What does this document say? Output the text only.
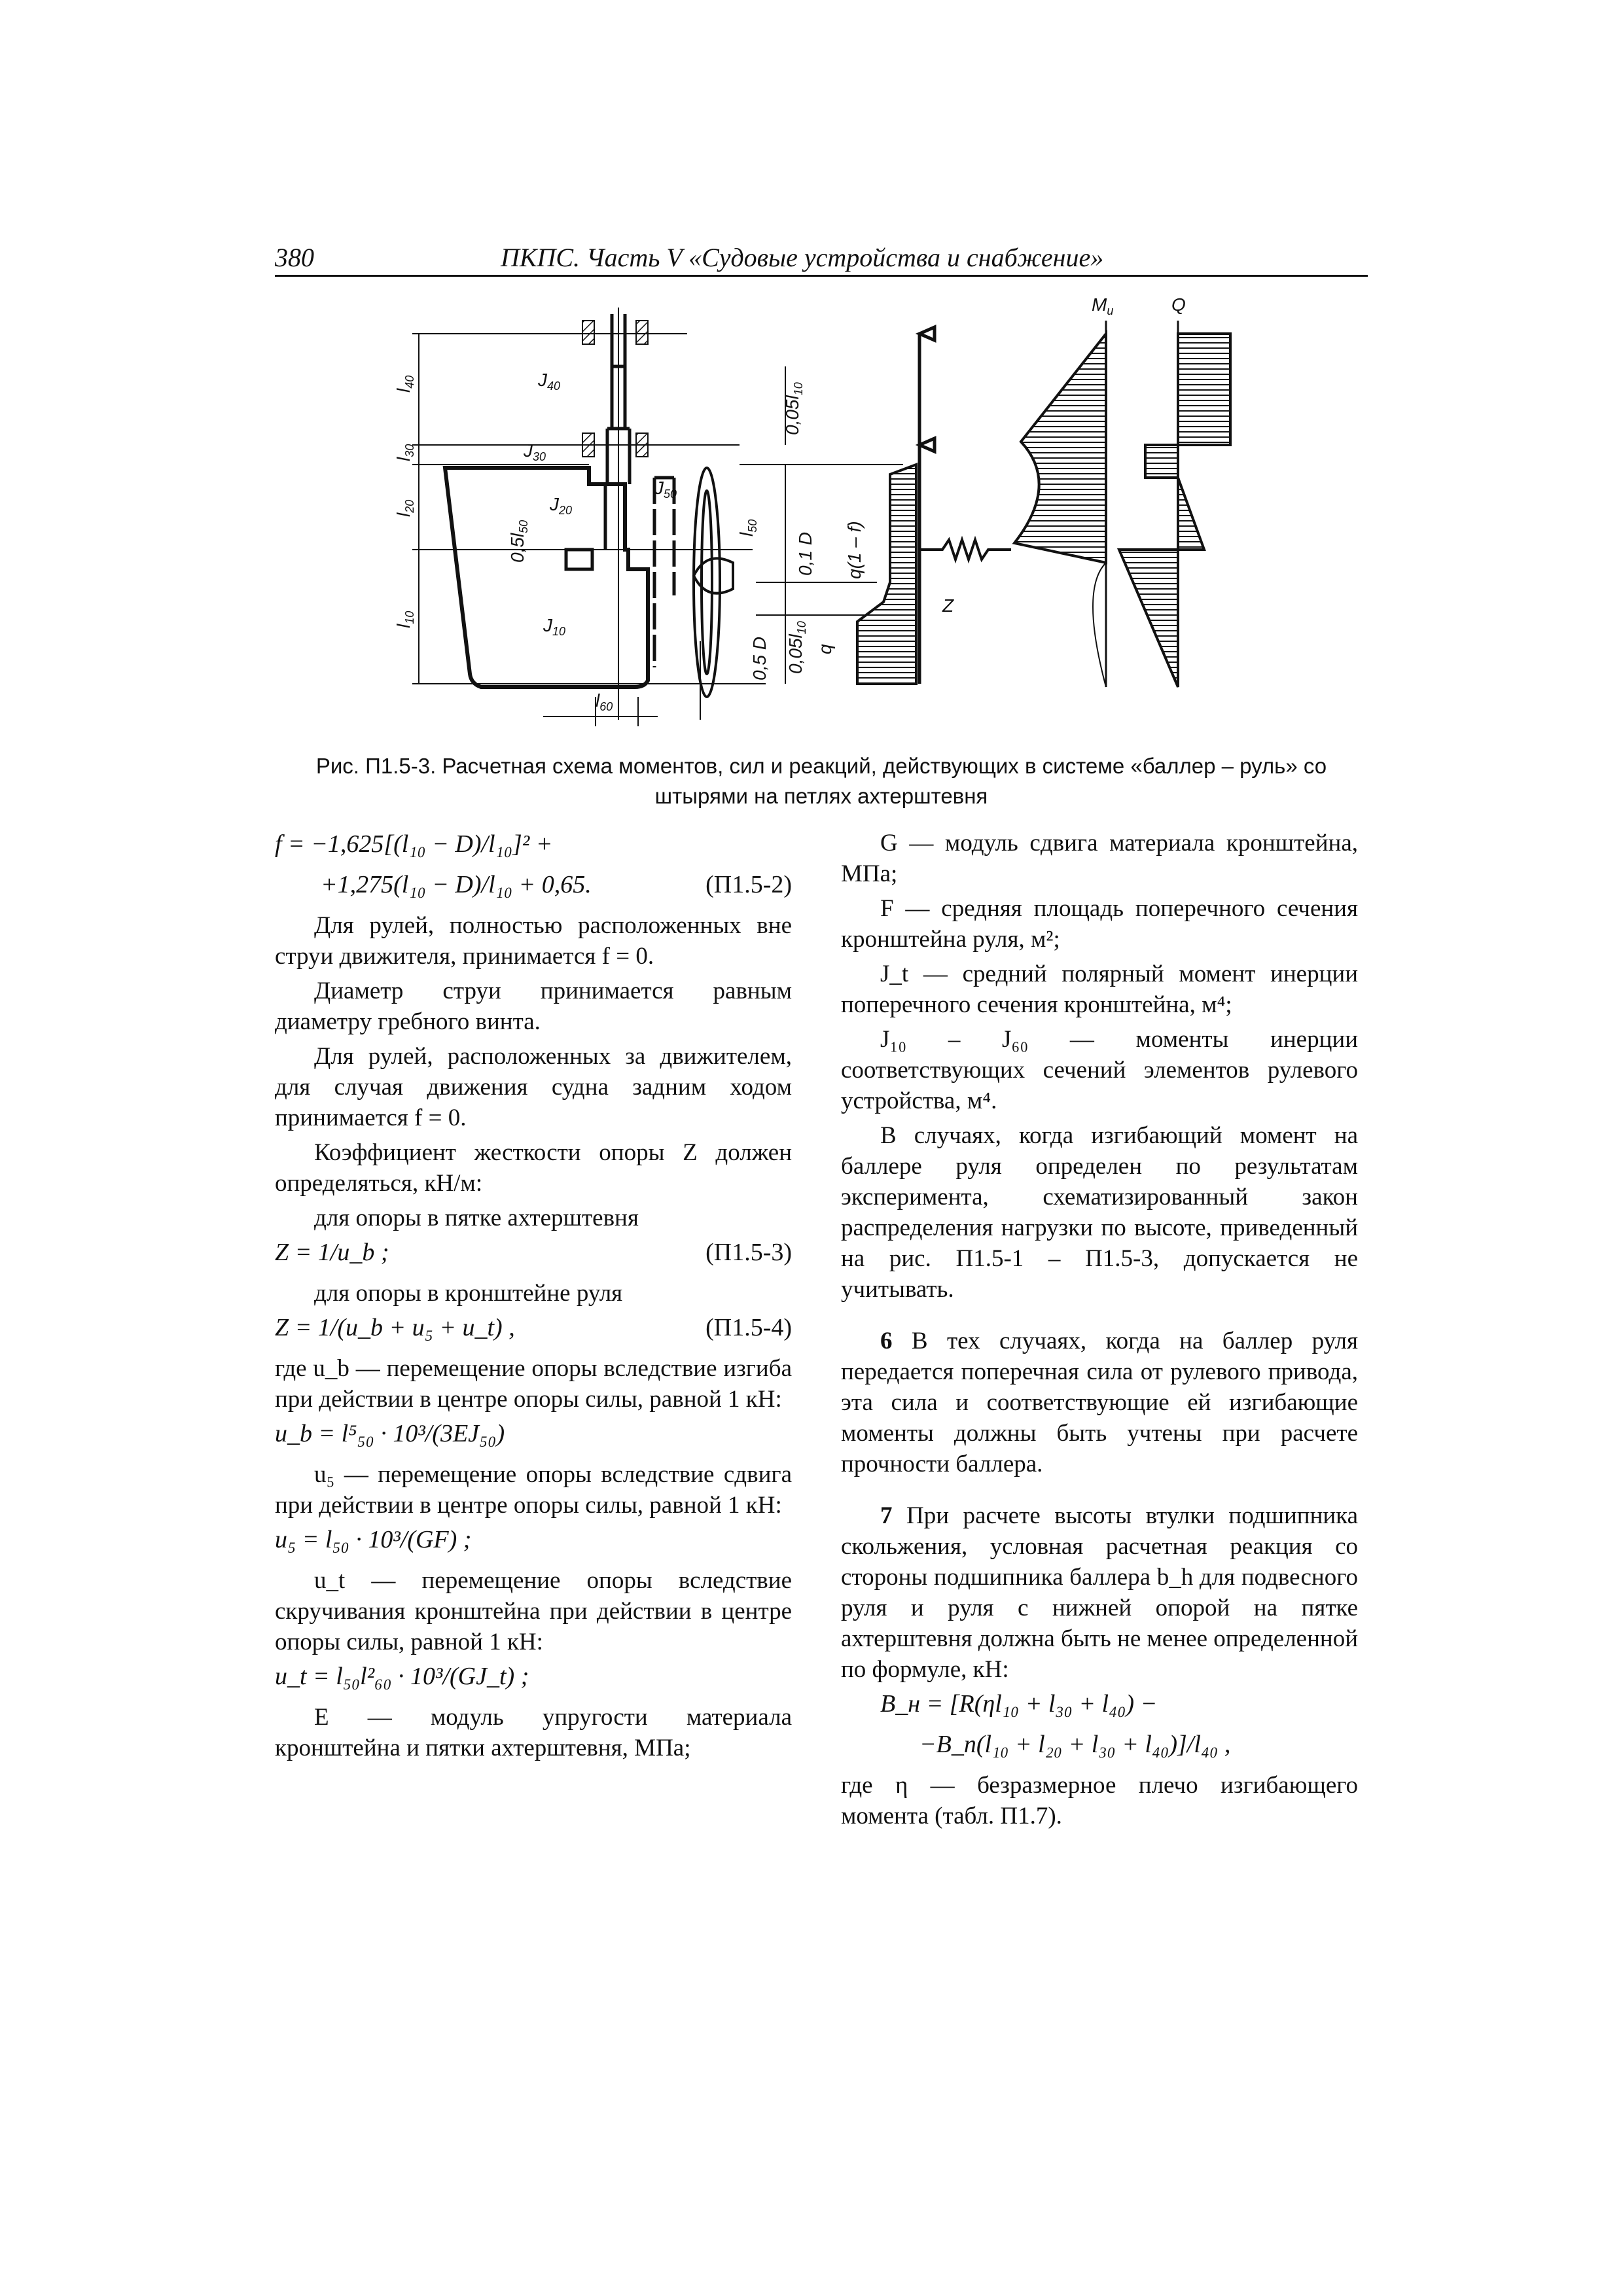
380	ПКПС. Часть V «Судовые устройства и снабжение»
$l_{40}$
$l_{30}$
$l_{20}$
$l_{10}$
$0,05l_{10}$
$l_{50}$
0,1 D q(1 – f)
0,5 D $0,05l_{10}$
q
$J_{40}$
$J_{30}$
$J_{20}$
$J_{10}$
$J_{50}$
$0,5l_{50}$
$l_{60}$
Z
$M_u$	Q
Рис. П1.5-3. Расчетная схема моментов, сил и реакций, действующих в системе «баллер – руль» со штырями на петлях ахтерштевня
f = −1,625[(l₁₀ − D)/l₁₀]² +
+1,275(l₁₀ − D)/l₁₀ + 0,65.	(П1.5-2)

Для рулей, полностью расположенных вне струи движителя, принимается f = 0.

Диаметр струи принимается равным диаметру гребного винта.

Для рулей, расположенных за движителем, для случая движения судна задним ходом принимается f = 0.

Коэффициент жесткости опоры Z должен определяться, кН/м:

для опоры в пятке ахтерштевня

Z = 1/u_b ;	(П1.5-3)

для опоры в кронштейне руля

Z = 1/(u_b + u₅ + u_t) ,	(П1.5-4)

где u_b — перемещение опоры вследствие изгиба при действии в центре опоры силы, равной 1 кН:

u_b = l⁵₅₀ · 10³/(3EJ₅₀)

u₅ — перемещение опоры вследствие сдвига при действии в центре опоры силы, равной 1 кН:

u₅ = l₅₀ · 10³/(GF) ;

u_t — перемещение опоры вследствие скручивания кронштейна при действии в центре опоры силы, равной 1 кН:

u_t = l₅₀l²₆₀ · 10³/(GJ_t) ;

E — модуль упругости материала кронштейна и пятки ахтерштевня, МПа;

G — модуль сдвига материала кронштейна, МПа;

F — средняя площадь поперечного сечения кронштейна руля, м²;

J_t — средний полярный момент инерции поперечного сечения кронштейна, м⁴;

J₁₀ – J₆₀ — моменты инерции соответствующих сечений элементов рулевого устройства, м⁴.

В случаях, когда изгибающий момент на баллере руля определен по результатам эксперимента, схематизированный закон распределения нагрузки по высоте, приведенный на рис. П1.5-1 – П1.5-3, допускается не учитывать.

6 В тех случаях, когда на баллер руля передается поперечная сила от рулевого привода, эта сила и соответствующие ей изгибающие моменты должны быть учтены при расчете прочности баллера.

7 При расчете высоты втулки подшипника скольжения, условная расчетная реакция со стороны подшипника баллера b_h для подвесного руля и руля с нижней опорой на пятке ахтерштевня должна быть не менее определенной по формуле, кН:

B_н = [R(ηl₁₀ + l₃₀ + l₄₀) −
−B_п(l₁₀ + l₂₀ + l₃₀ + l₄₀)]/l₄₀ ,

где η — безразмерное плечо изгибающего момента (табл. П1.7).
